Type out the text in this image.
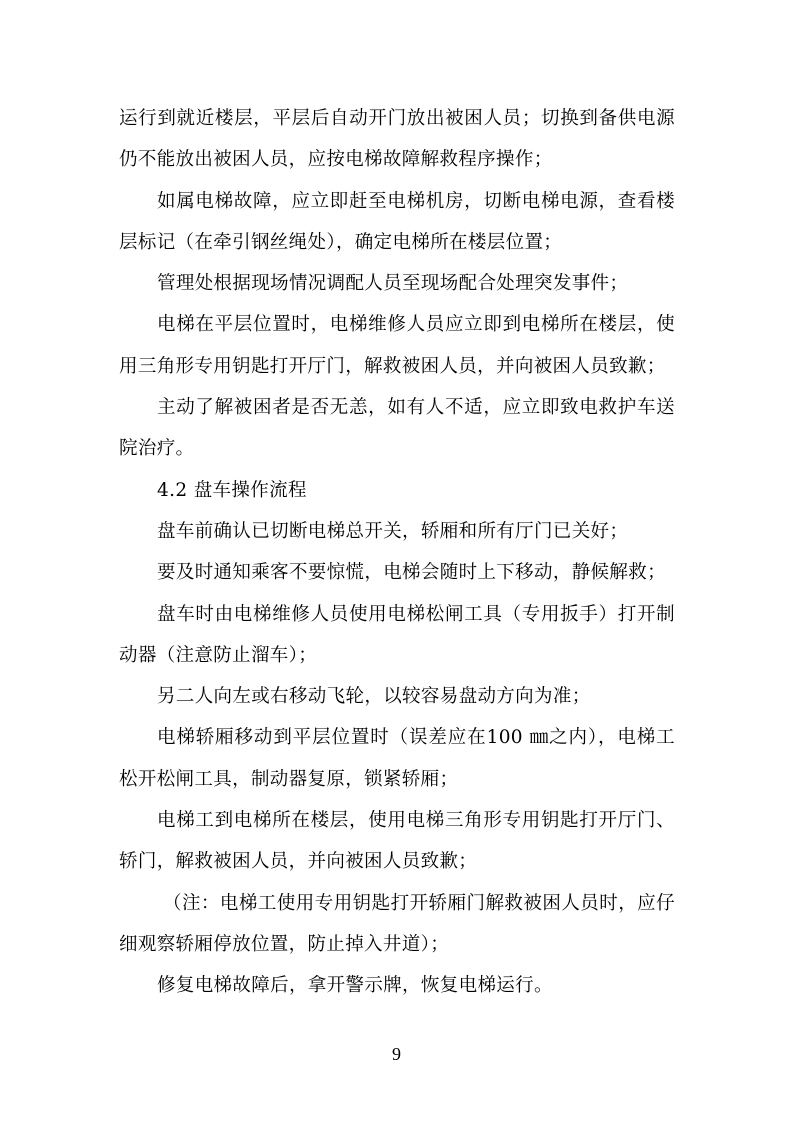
运行到就近楼层，平层后自动开门放出被困人员；切换到备供电源仍不能放出被困人员，应按电梯故障解救程序操作；

如属电梯故障，应立即赶至电梯机房，切断电梯电源，查看楼层标记（在牵引钢丝绳处），确定电梯所在楼层位置；

管理处根据现场情况调配人员至现场配合处理突发事件；

电梯在平层位置时，电梯维修人员应立即到电梯所在楼层，使用三角形专用钥匙打开厅门，解救被困人员，并向被困人员致歉；

主动了解被困者是否无恙，如有人不适，应立即致电救护车送院治疗。

4.2 盘车操作流程

盘车前确认已切断电梯总开关，轿厢和所有厅门已关好；

要及时通知乘客不要惊慌，电梯会随时上下移动，静候解救；

盘车时由电梯维修人员使用电梯松闸工具（专用扳手）打开制动器（注意防止溜车）；

另二人向左或右移动飞轮，以较容易盘动方向为准；

电梯轿厢移动到平层位置时（误差应在100 ㎜之内），电梯工松开松闸工具，制动器复原，锁紧轿厢；

电梯工到电梯所在楼层，使用电梯三角形专用钥匙打开厅门、轿门，解救被困人员，并向被困人员致歉；

（注：电梯工使用专用钥匙打开轿厢门解救被困人员时，应仔细观察轿厢停放位置，防止掉入井道）；

修复电梯故障后，拿开警示牌，恢复电梯运行。

9
